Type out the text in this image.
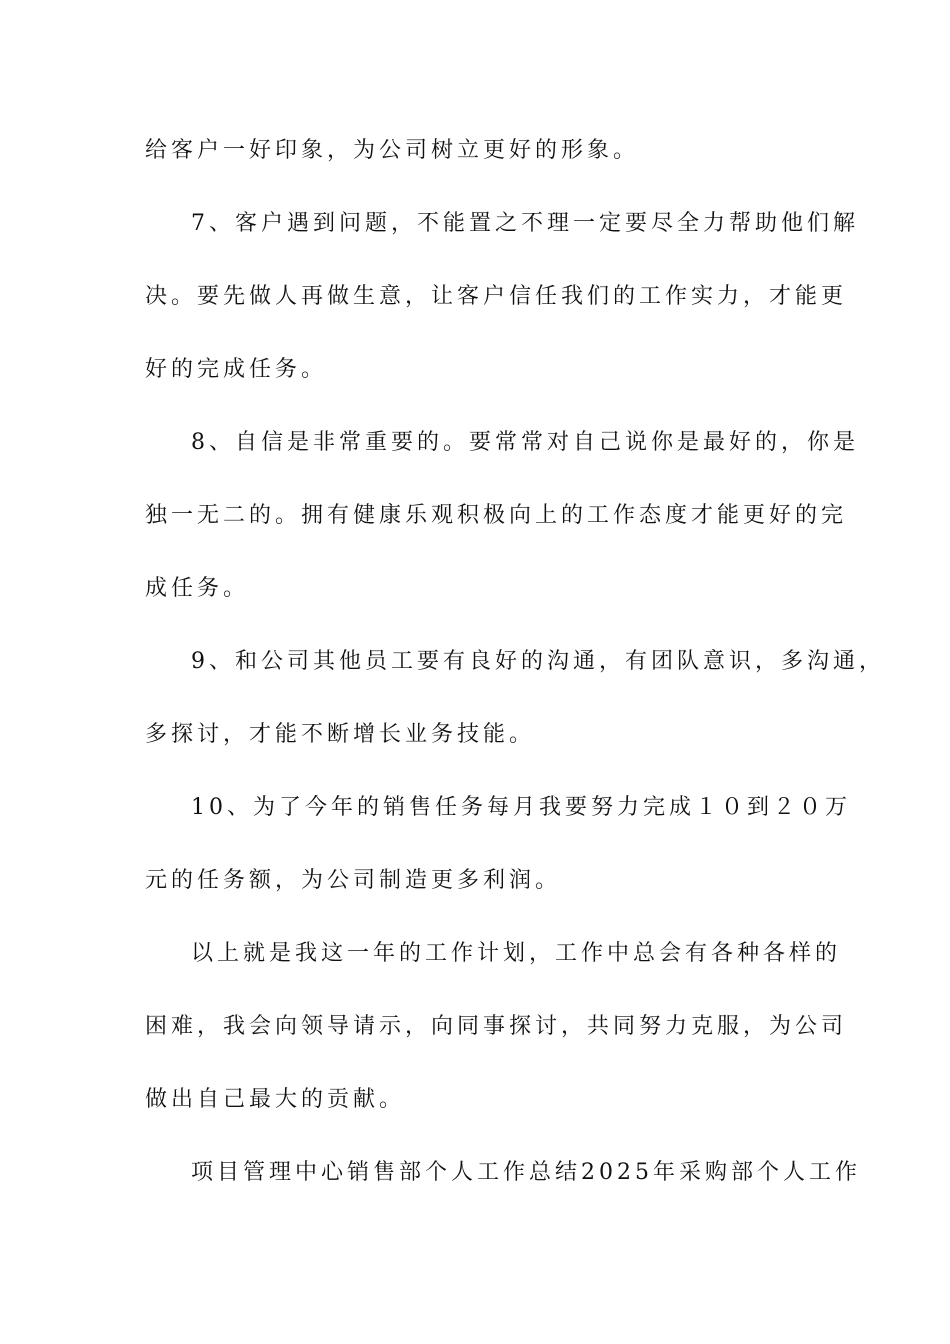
给客户一好印象，为公司树立更好的形象。
7、客户遇到问题，不能置之不理一定要尽全力帮助他们解
决。要先做人再做生意，让客户信任我们的工作实力，才能更
好的完成任务。
8、自信是非常重要的。要常常对自己说你是最好的，你是
独一无二的。拥有健康乐观积极向上的工作态度才能更好的完
成任务。
9、和公司其他员工要有良好的沟通，有团队意识，多沟通，
多探讨，才能不断增长业务技能。
10、为了今年的销售任务每月我要努力完成１０到２０万
元的任务额，为公司制造更多利润。
以上就是我这一年的工作计划，工作中总会有各种各样的
困难，我会向领导请示，向同事探讨，共同努力克服，为公司
做出自己最大的贡献。
项目管理中心销售部个人工作总结2025年采购部个人工作
